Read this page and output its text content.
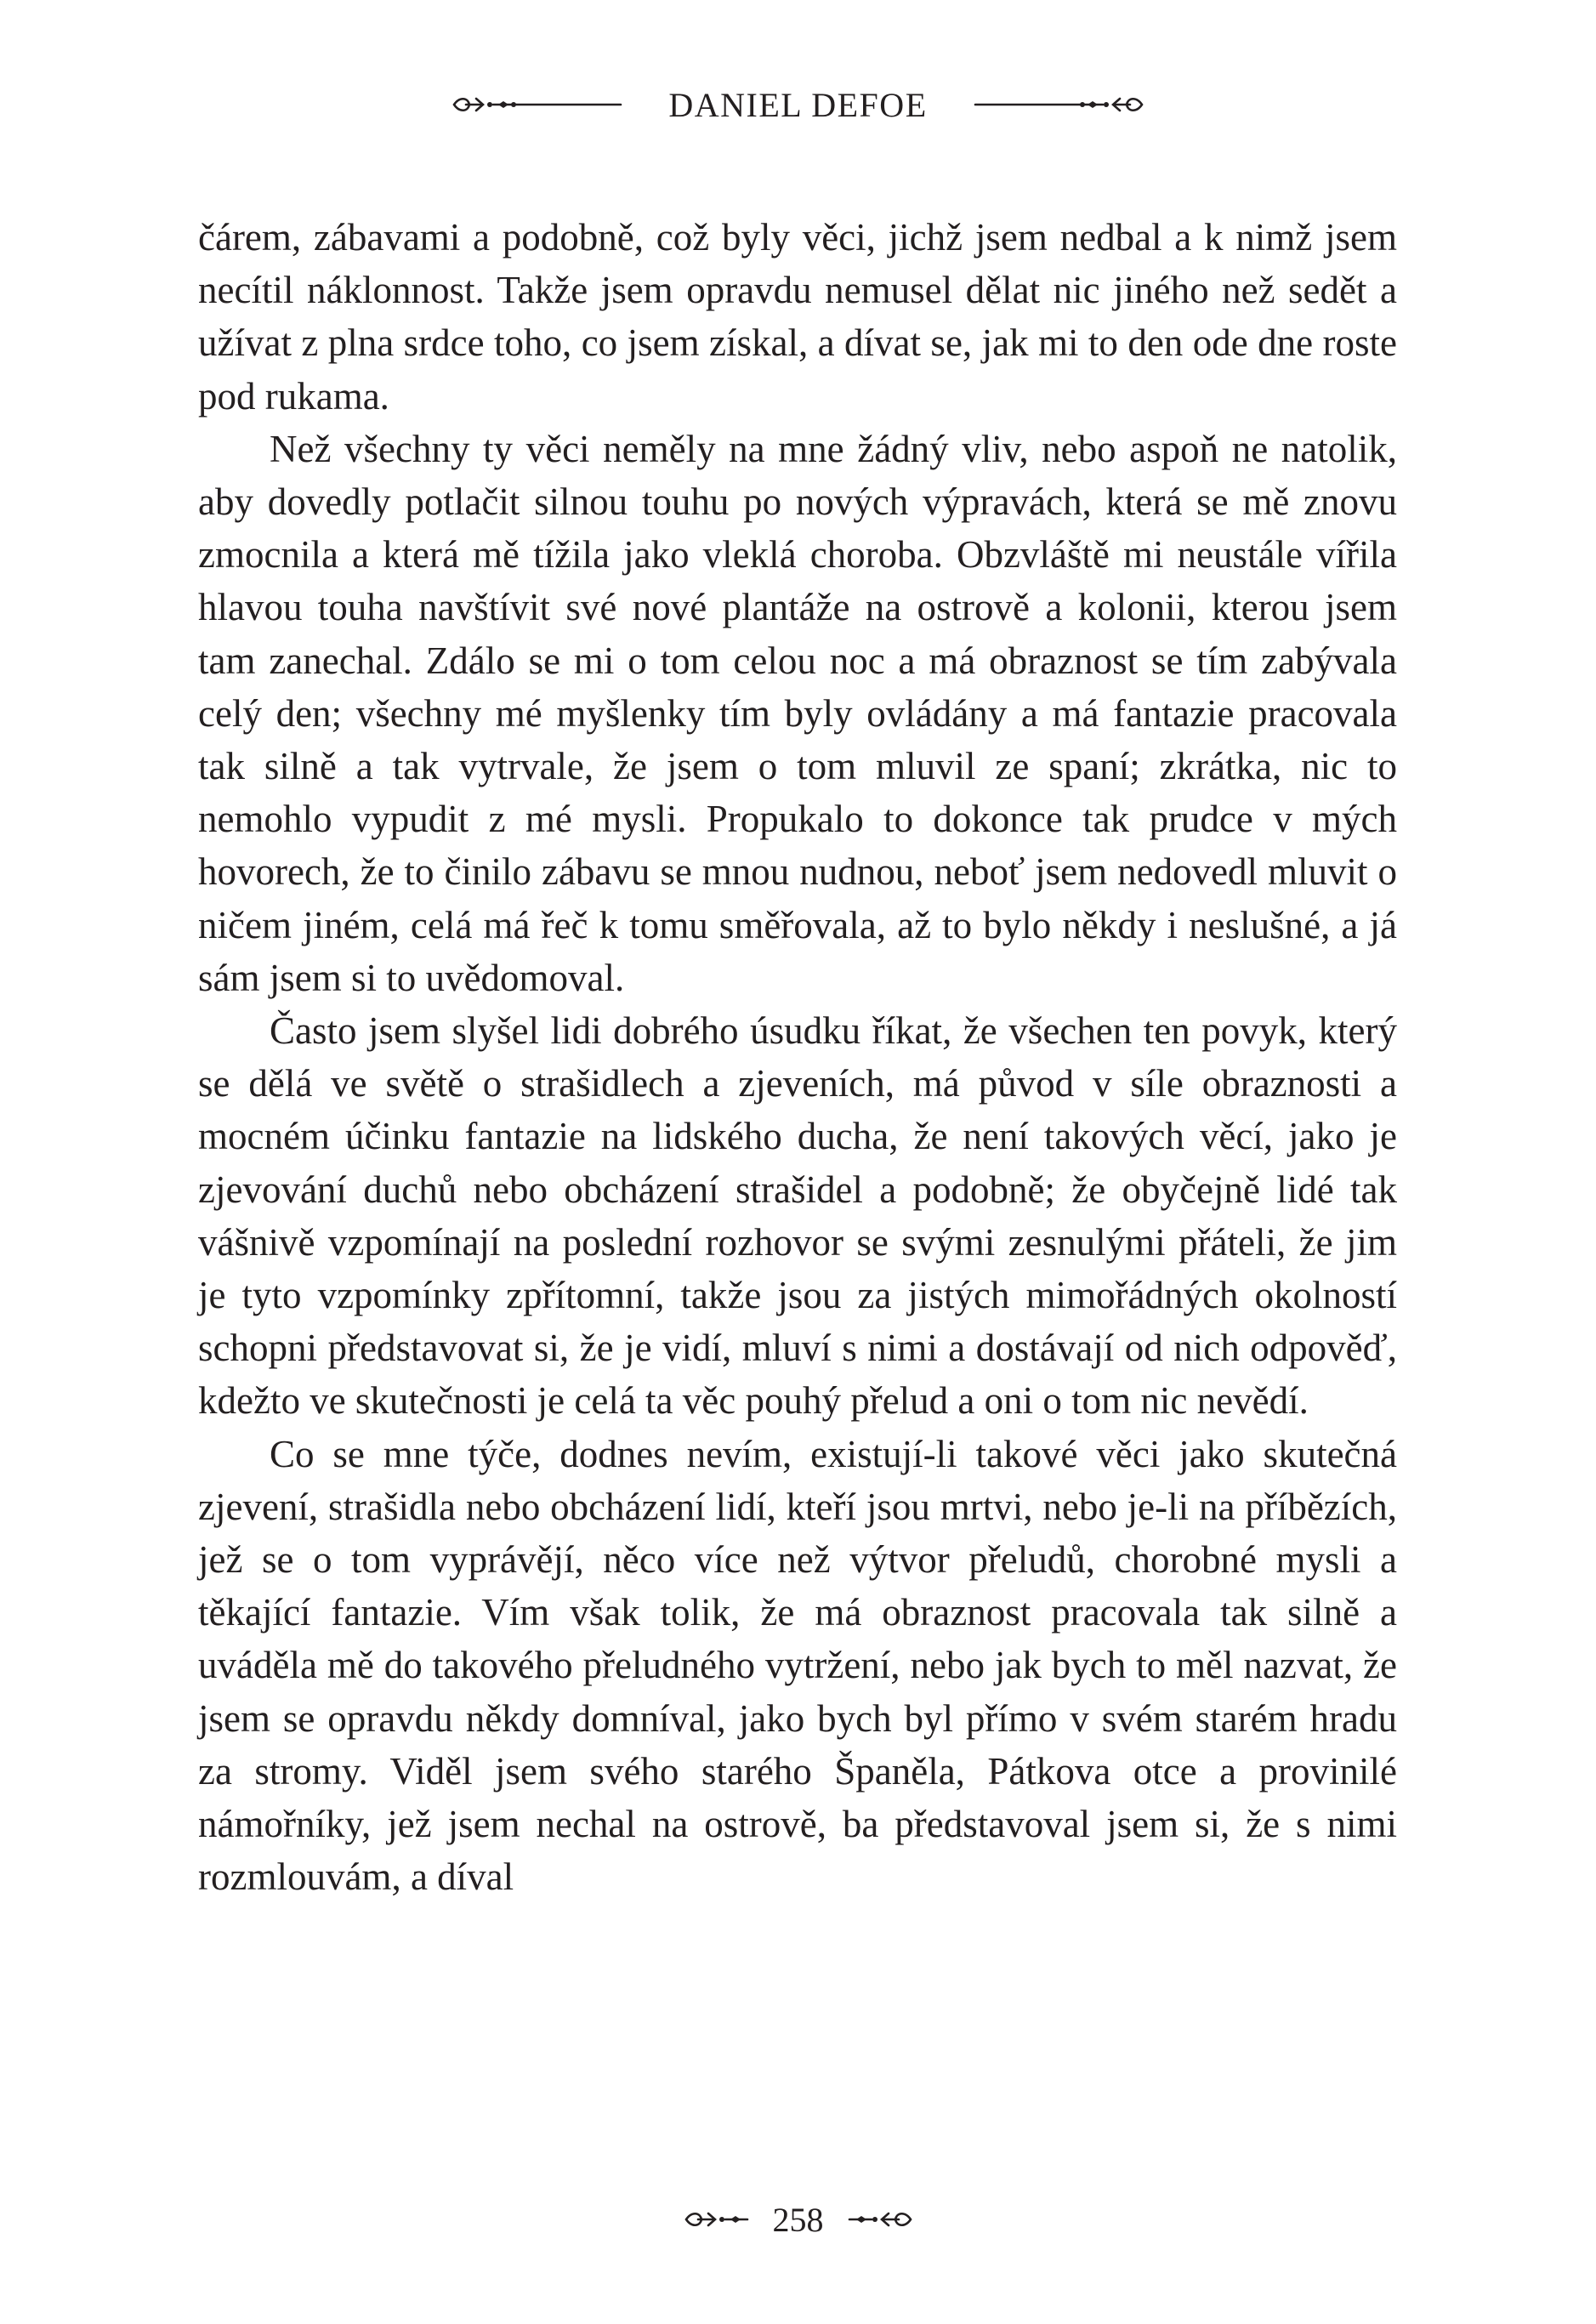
DANIEL DEFOE

čárem, zábavami a podobně, což byly věci, jichž jsem nedbal a k nimž jsem necítil náklonnost. Takže jsem opravdu nemusel dělat nic jiného než sedět a užívat z plna srdce toho, co jsem získal, a dívat se, jak mi to den ode dne roste pod rukama.

Než všechny ty věci neměly na mne žádný vliv, nebo aspoň ne natolik, aby dovedly potlačit silnou touhu po nových výpravách, která se mě znovu zmocnila a která mě tížila jako vleklá choroba. Obzvláště mi neustále vířila hlavou touha navštívit své nové plantáže na ostrově a kolonii, kterou jsem tam zanechal. Zdálo se mi o tom celou noc a má obraznost se tím zabývala celý den; všechny mé myšlenky tím byly ovládány a má fantazie pracovala tak silně a tak vytrvale, že jsem o tom mluvil ze spaní; zkrátka, nic to nemohlo vypudit z mé mysli. Propukalo to dokonce tak prudce v mých hovorech, že to činilo zábavu se mnou nudnou, neboť jsem nedovedl mluvit o ničem jiném, celá má řeč k tomu směřovala, až to bylo někdy i neslušné, a já sám jsem si to uvědomoval.

Často jsem slyšel lidi dobrého úsudku říkat, že všechen ten povyk, který se dělá ve světě o strašidlech a zjeveních, má původ v síle obraznosti a mocném účinku fantazie na lidského ducha, že není takových věcí, jako je zjevování duchů nebo obcházení strašidel a podobně; že obyčejně lidé tak vášnivě vzpomínají na poslední rozhovor se svými zesnulými přáteli, že jim je tyto vzpomínky zpřítomní, takže jsou za jistých mimořádných okolností schopni představovat si, že je vidí, mluví s nimi a dostávají od nich odpověď, kdežto ve skutečnosti je celá ta věc pouhý přelud a oni o tom nic nevědí.

Co se mne týče, dodnes nevím, existují-li takové věci jako skutečná zjevení, strašidla nebo obcházení lidí, kteří jsou mrtvi, nebo je-li na příbězích, jež se o tom vyprávějí, něco více než výtvor přeludů, chorobné mysli a těkající fantazie. Vím však tolik, že má obraznost pracovala tak silně a uváděla mě do takového přeludného vytržení, nebo jak bych to měl nazvat, že jsem se opravdu někdy domníval, jako bych byl přímo v svém starém hradu za stromy. Viděl jsem svého starého Španěla, Pátkova otce a provinilé námořníky, jež jsem nechal na ostrově, ba představoval jsem si, že s nimi rozmlouvám, a díval

258
